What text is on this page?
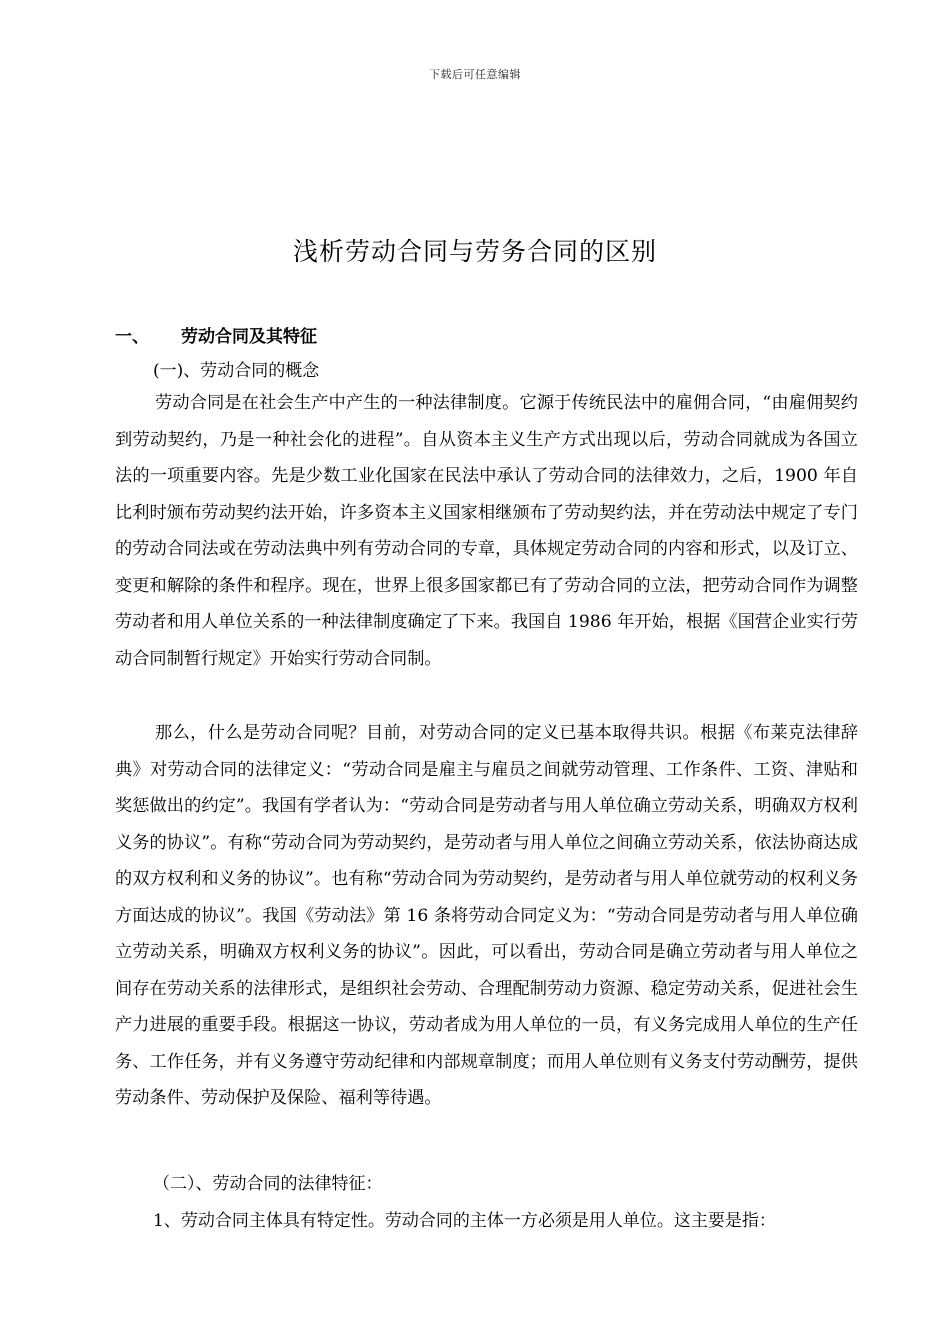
下载后可任意编辑
浅析劳动合同与劳务合同的区别
一、 劳动合同及其特征
(一)、劳动合同的概念

劳动合同是在社会生产中产生的一种法律制度。它源于传统民法中的雇佣合同，“由雇佣契约到劳动契约，乃是一种社会化的进程”。自从资本主义生产方式出现以后，劳动合同就成为各国立法的一项重要内容。先是少数工业化国家在民法中承认了劳动合同的法律效力，之后，1900 年自比利时颁布劳动契约法开始，许多资本主义国家相继颁布了劳动契约法，并在劳动法中规定了专门的劳动合同法或在劳动法典中列有劳动合同的专章，具体规定劳动合同的内容和形式，以及订立、变更和解除的条件和程序。现在，世界上很多国家都已有了劳动合同的立法，把劳动合同作为调整劳动者和用人单位关系的一种法律制度确定了下来。我国自 1986 年开始，根据《国营企业实行劳动合同制暂行规定》开始实行劳动合同制。

那么，什么是劳动合同呢？目前，对劳动合同的定义已基本取得共识。根据《布莱克法律辞典》对劳动合同的法律定义：“劳动合同是雇主与雇员之间就劳动管理、工作条件、工资、津贴和奖惩做出的约定”。我国有学者认为：“劳动合同是劳动者与用人单位确立劳动关系，明确双方权利义务的协议”。有称“劳动合同为劳动契约，是劳动者与用人单位之间确立劳动关系，依法协商达成的双方权利和义务的协议”。也有称“劳动合同为劳动契约，是劳动者与用人单位就劳动的权利义务方面达成的协议”。我国《劳动法》第 16 条将劳动合同定义为：“劳动合同是劳动者与用人单位确立劳动关系，明确双方权利义务的协议”。因此，可以看出，劳动合同是确立劳动者与用人单位之间存在劳动关系的法律形式，是组织社会劳动、合理配制劳动力资源、稳定劳动关系，促进社会生产力进展的重要手段。根据这一协议，劳动者成为用人单位的一员，有义务完成用人单位的生产任务、工作任务，并有义务遵守劳动纪律和内部规章制度；而用人单位则有义务支付劳动酬劳，提供劳动条件、劳动保护及保险、福利等待遇。

（二）、劳动合同的法律特征：
1、劳动合同主体具有特定性。劳动合同的主体一方必须是用人单位。这主要是指：
